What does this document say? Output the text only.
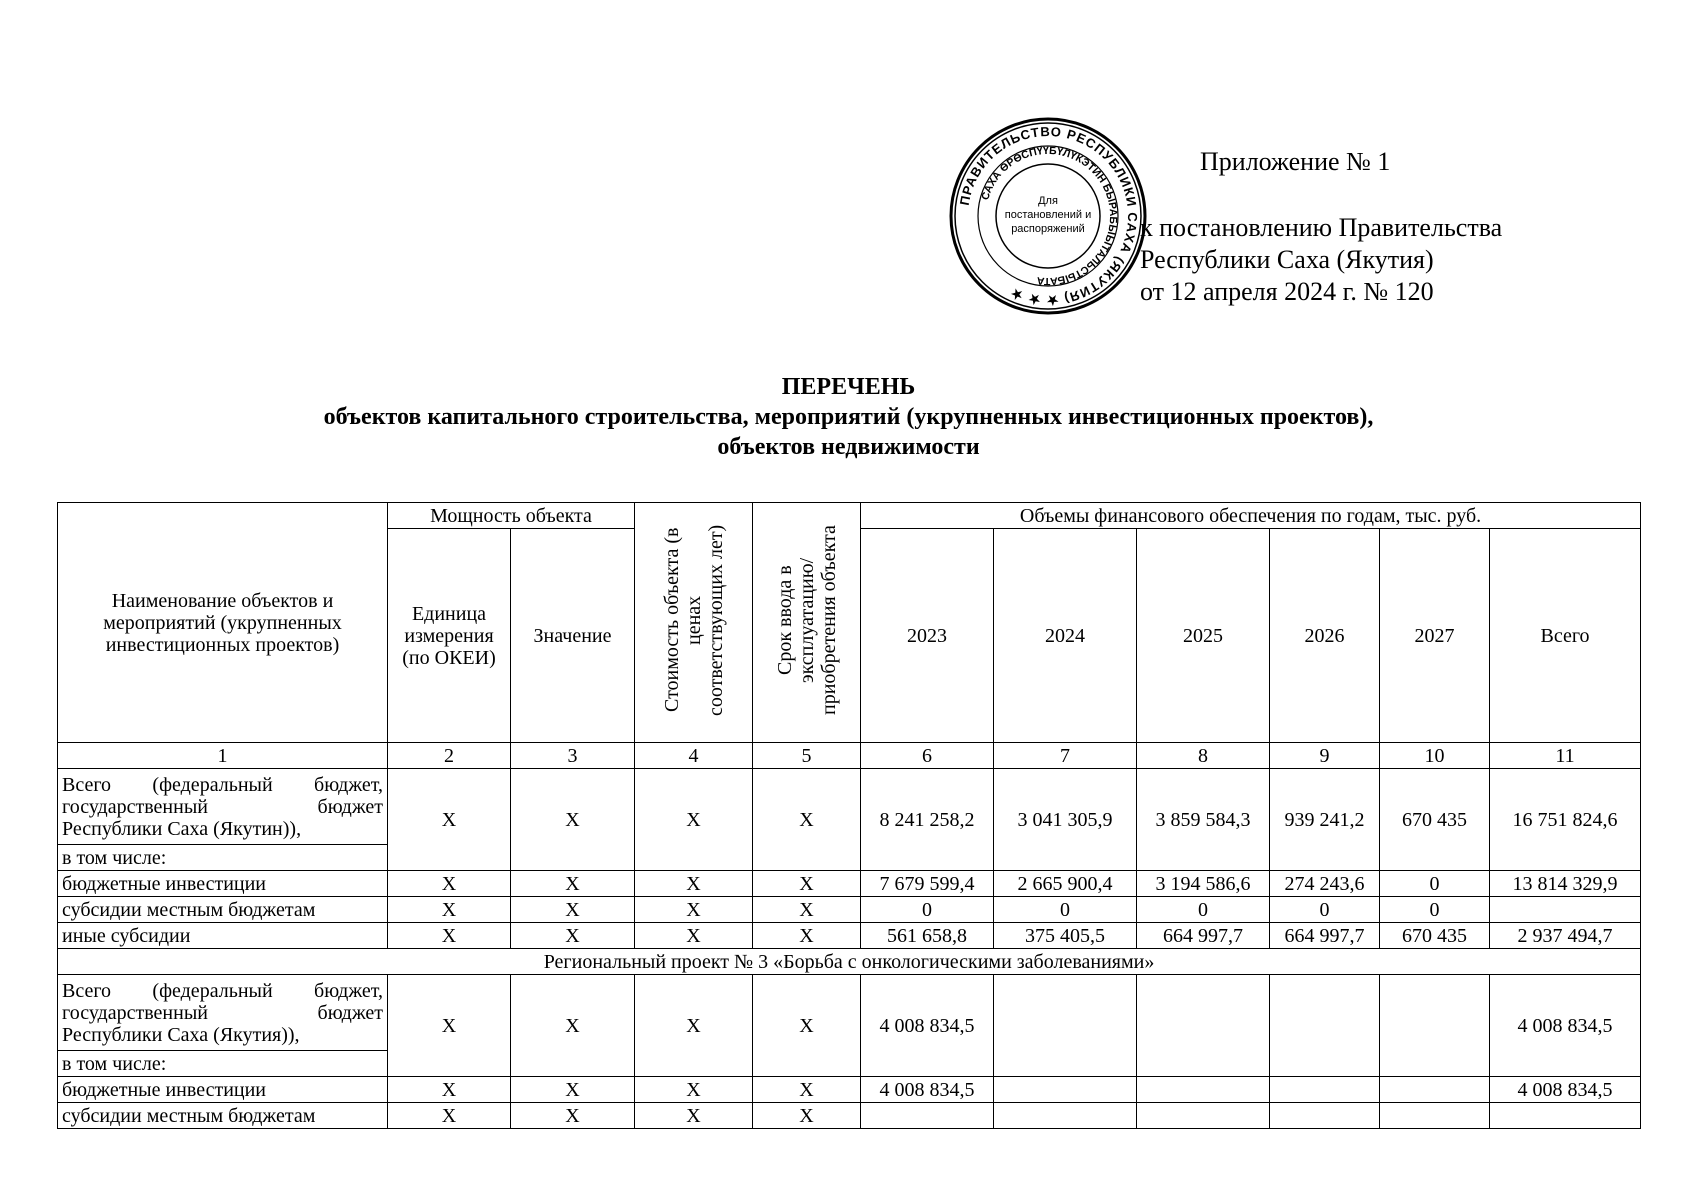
Приложение № 1
к постановлению Правительства
Республики Саха (Якутия)
от 12 апреля 2024 г. № 120
ПРАВИТЕЛЬСТВО РЕСПУБЛИКИ САХА (ЯКУТИЯ) ★ ★ ★
САХА ӨРӨСПҮҮБҮЛҮКЭТИН БЫРАБЫЫТАЛЬСТЫБАТА
Для
постановлений и
распоряжений
ПЕРЕЧЕНЬ
объектов капитального строительства, мероприятий (укрупненных инвестиционных проектов),
объектов недвижимости
Наименование объектов и мероприятий (укрупненных инвестиционных проектов)	Мощность объекта		Стоимость объекта (в ценах соответствующих лет)	Срок ввода в эксплуатацию/ приобретения объекта	Объемы финансового обеспечения по годам, тыс. руб.					
	Единица измерения (по ОКЕИ)	Значение			2023	2024	2025	2026	2027	Всего
1	2	3	4	5	6	7	8	9	10	11
Всего (федеральный бюджет, государственный бюджет Республики Саха (Якутин)),	Х	Х	Х	Х	8 241 258,2	3 041 305,9	3 859 584,3	939 241,2	670 435	16 751 824,6
в том числе:										
бюджетные инвестиции	Х	Х	Х	Х	7 679 599,4	2 665 900,4	3 194 586,6	274 243,6	0	13 814 329,9
субсидии местным бюджетам	Х	Х	Х	Х	0	0	0	0	0	
иные субсидии	Х	Х	Х	Х	561 658,8	375 405,5	664 997,7	664 997,7	670 435	2 937 494,7
Региональный проект № 3 «Борьба с онкологическими заболеваниями»										
Всего (федеральный бюджет, государственный бюджет Республики Саха (Якутия)),	Х	Х	Х	Х	4 008 834,5					4 008 834,5
в том числе:										
бюджетные инвестиции	Х	Х	Х	Х	4 008 834,5					4 008 834,5
субсидии местным бюджетам	Х	Х	Х	Х						
